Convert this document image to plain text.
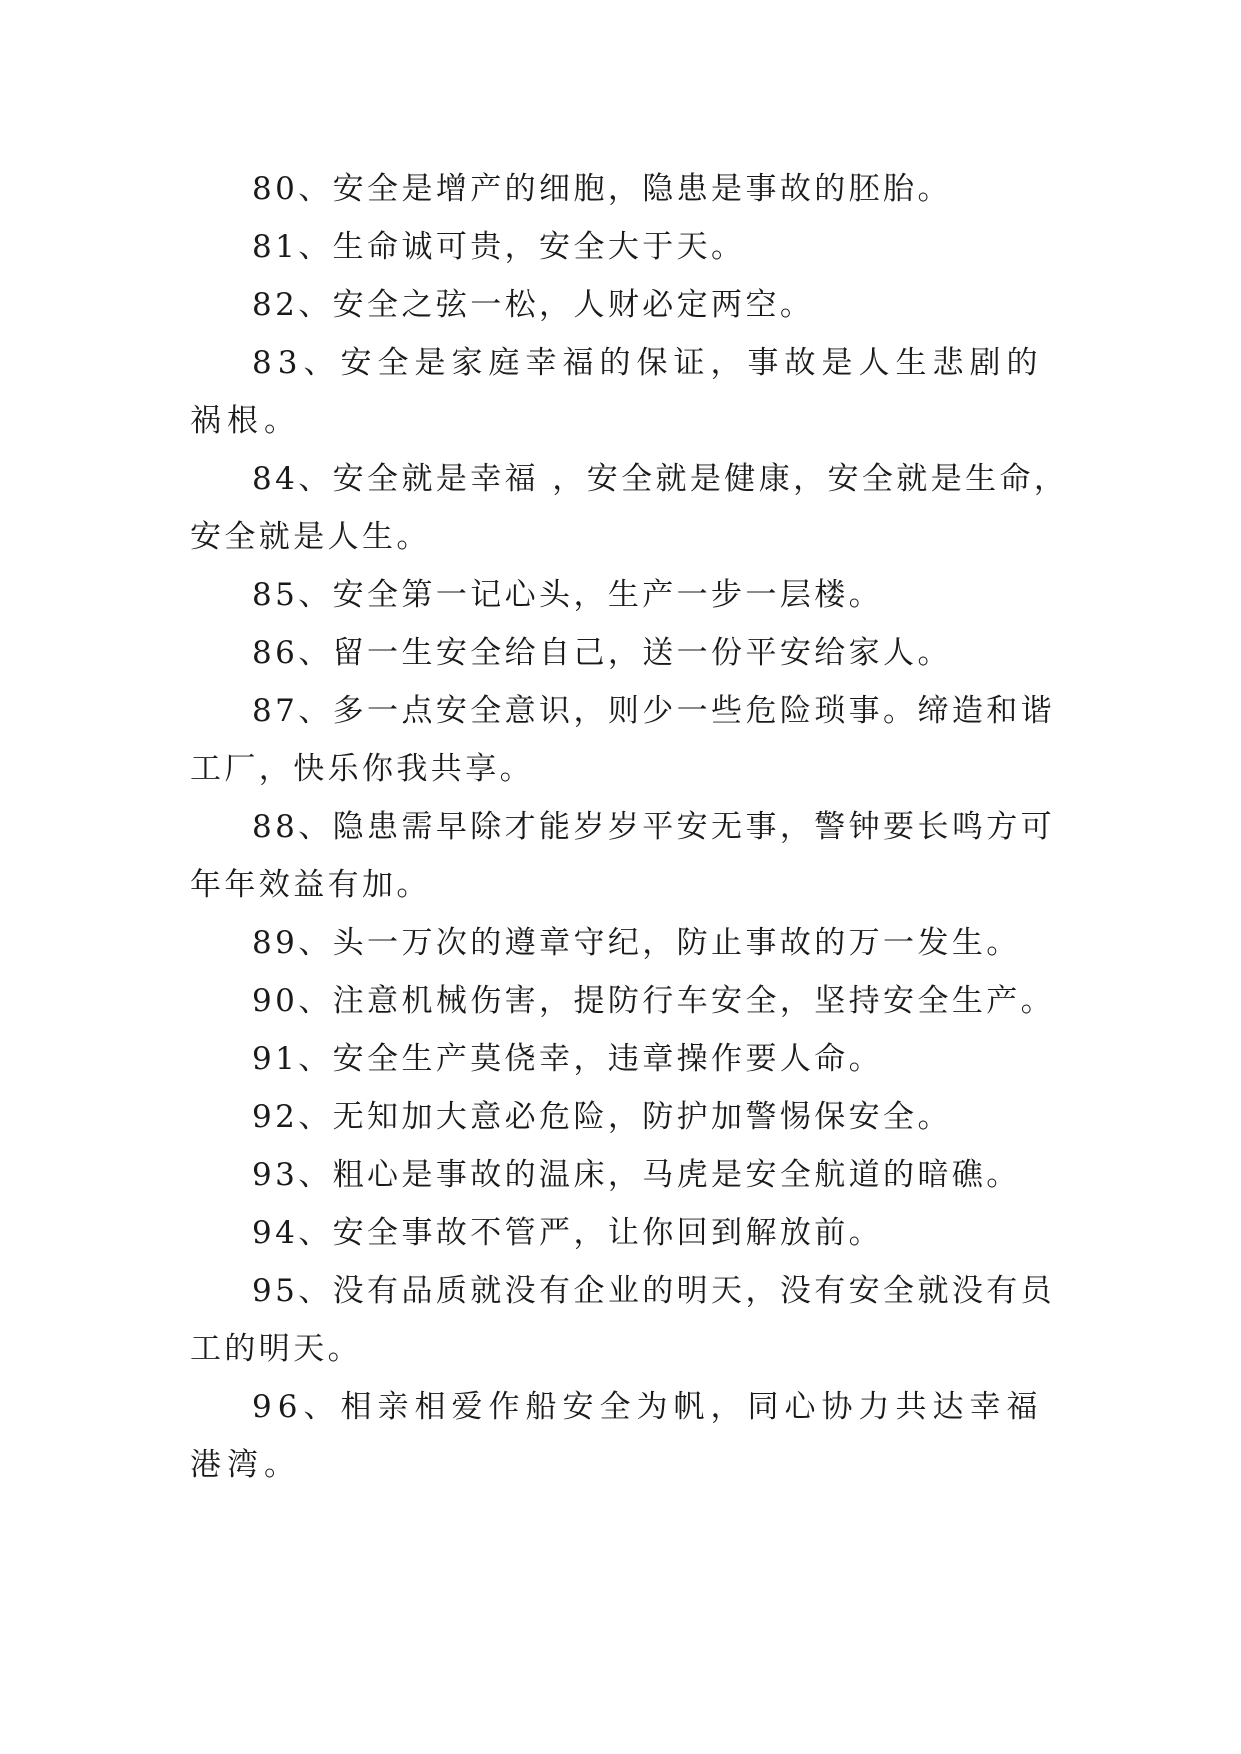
80、安全是增产的细胞，隐患是事故的胚胎。

81、生命诚可贵，安全大于天。

82、安全之弦一松，人财必定两空。

83、安全是家庭幸福的保证，事故是人生悲剧的祸根。

84、安全就是幸福 ，安全就是健康，安全就是生命，安全就是人生。

85、安全第一记心头，生产一步一层楼。

86、留一生安全给自己，送一份平安给家人。

87、多一点安全意识，则少一些危险琐事。缔造和谐工厂，快乐你我共享。

88、隐患需早除才能岁岁平安无事，警钟要长鸣方可年年效益有加。

89、头一万次的遵章守纪，防止事故的万一发生。

90、注意机械伤害，提防行车安全，坚持安全生产。

91、安全生产莫侥幸，违章操作要人命。

92、无知加大意必危险，防护加警惕保安全。

93、粗心是事故的温床，马虎是安全航道的暗礁。

94、安全事故不管严，让你回到解放前。

95、没有品质就没有企业的明天，没有安全就没有员工的明天。

96、相亲相爱作船安全为帆，同心协力共达幸福港湾。
